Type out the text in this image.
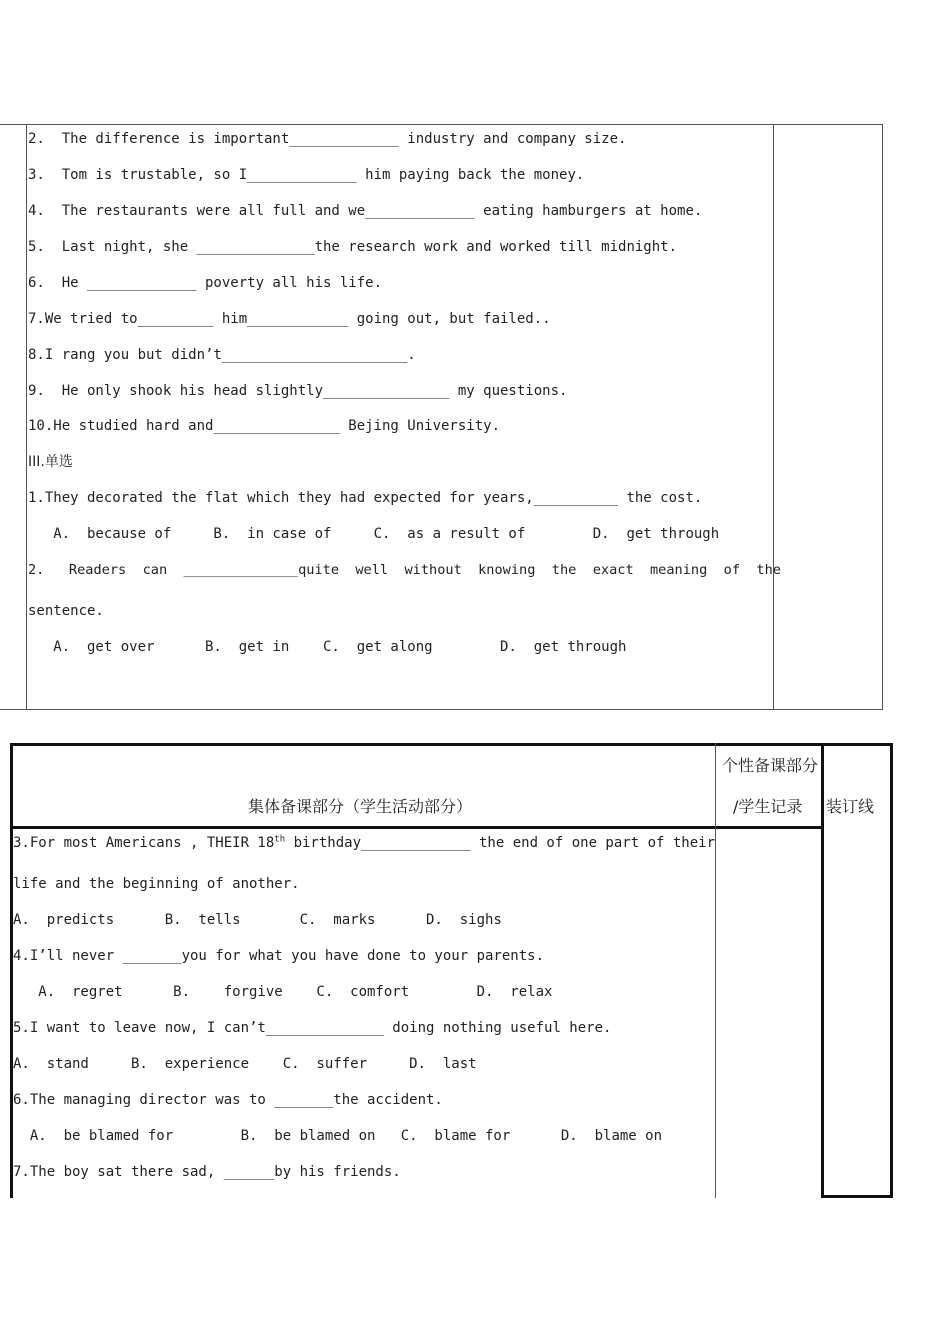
2.  The difference is important_____________ industry and company size.
3.  Tom is trustable, so I_____________ him paying back the money.
4.  The restaurants were all full and we_____________ eating hamburgers at home.
5.  Last night, she ______________the research work and worked till midnight.
6.  He _____________ poverty all his life.
7.We tried to_________ him____________ going out, but failed..
8.I rang you but didn’t______________________.
9.  He only shook his head slightly_______________ my questions.
10.He studied hard and_______________ Bejing University.
III.单选
1.They decorated the flat which they had expected for years,__________ the cost.
A.  because of     B.  in case of     C.  as a result of        D.  get through
2.   Readers  can  ______________quite  well  without  knowing  the  exact  meaning  of  the
sentence.
A.  get over      B.  get in    C.  get along        D.  get through
集体备课部分（学生活动部分）
个性备课部分
/学生记录 装订线
3.For most Americans , THEIR 18th birthday_____________ the end of one part of their
life and the beginning of another.
A.  predicts      B.  tells       C.  marks      D.  sighs
4.I’ll never _______you for what you have done to your parents.
A.  regret      B.    forgive    C.  comfort        D.  relax
5.I want to leave now, I can’t______________ doing nothing useful here.
A.  stand     B.  experience    C.  suffer     D.  last
6.The managing director was to _______the accident.
A.  be blamed for        B.  be blamed on   C.  blame for      D.  blame on
7.The boy sat there sad, ______by his friends.
